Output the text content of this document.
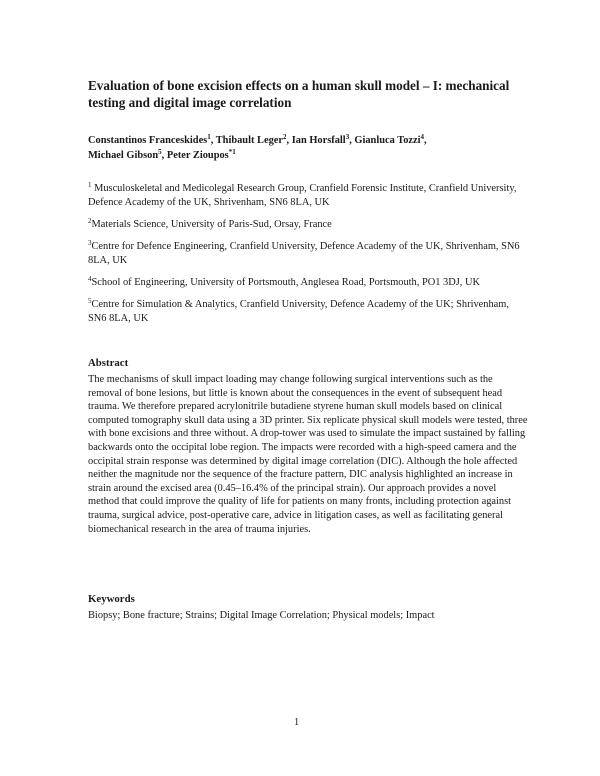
Evaluation of bone excision effects on a human skull model – I: mechanical testing and digital image correlation
Constantinos Franceskides$^1$, Thibault Leger$^2$, Ian Horsfall$^3$, Gianluca Tozzi$^4$,
Michael Gibson$^5$, Peter Zioupos$^{*1}$

$^1$ Musculoskeletal and Medicolegal Research Group, Cranfield Forensic Institute, Cranfield University, Defence Academy of the UK, Shrivenham, SN6 8LA, UK

$^2$Materials Science, University of Paris-Sud, Orsay, France

$^3$Centre for Defence Engineering, Cranfield University, Defence Academy of the UK, Shrivenham, SN6 8LA, UK

$^4$School of Engineering, University of Portsmouth, Anglesea Road, Portsmouth, PO1 3DJ, UK

$^5$Centre for Simulation & Analytics, Cranfield University, Defence Academy of the UK; Shrivenham, SN6 8LA, UK

Abstract
The mechanisms of skull impact loading may change following surgical interventions such as the removal of bone lesions, but little is known about the consequences in the event of subsequent head trauma. We therefore prepared acrylonitrile butadiene styrene human skull models based on clinical computed tomography skull data using a 3D printer. Six replicate physical skull models were tested, three with bone excisions and three without. A drop-tower was used to simulate the impact sustained by falling backwards onto the occipital lobe region. The impacts were recorded with a high-speed camera and the occipital strain response was determined by digital image correlation (DIC). Although the hole affected neither the magnitude nor the sequence of the fracture pattern, DIC analysis highlighted an increase in strain around the excised area (0.45–16.4% of the principal strain). Our approach provides a novel method that could improve the quality of life for patients on many fronts, including protection against trauma, surgical advice, post-operative care, advice in litigation cases, as well as facilitating general biomechanical research in the area of trauma injuries.
Keywords
Biopsy; Bone fracture; Strains; Digital Image Correlation; Physical models; Impact
1
